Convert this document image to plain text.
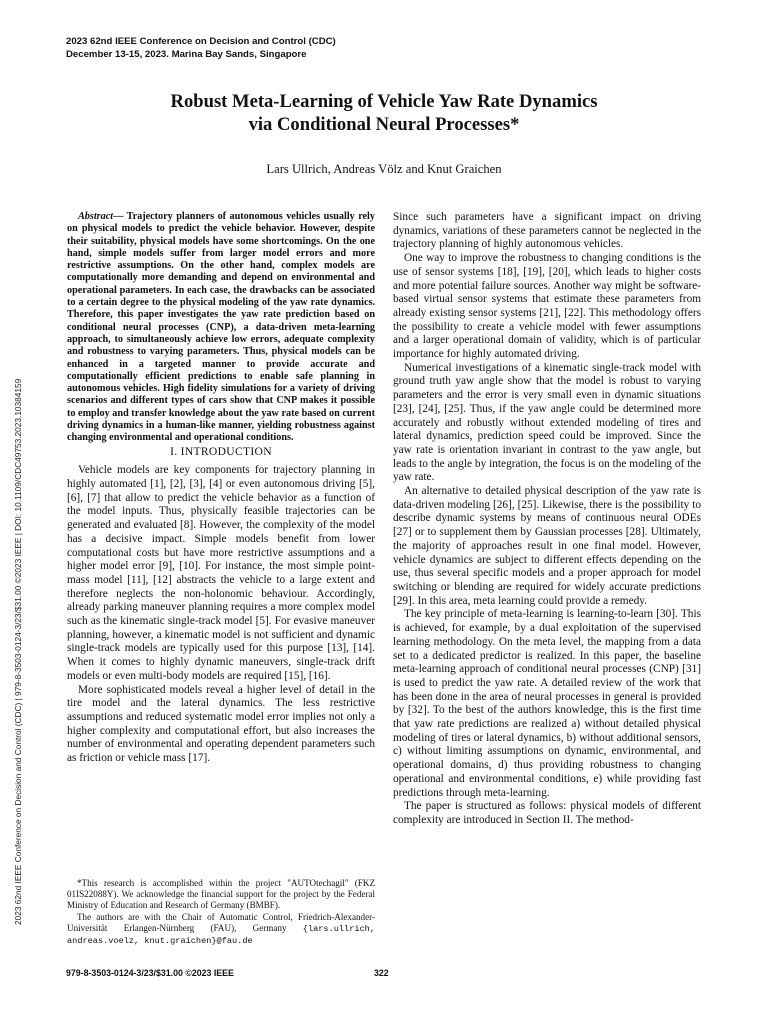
2023 62nd IEEE Conference on Decision and Control (CDC)
December 13-15, 2023. Marina Bay Sands, Singapore
Robust Meta-Learning of Vehicle Yaw Rate Dynamics
via Conditional Neural Processes*
Lars Ullrich, Andreas Völz and Knut Graichen
2023 62nd IEEE Conference on Decision and Control (CDC) | 979-8-3503-0124-3/23/$31.00 ©2023 IEEE | DOI: 10.1109/CDC49753.2023.10384159

Abstract— Trajectory planners of autonomous vehicles usually rely on physical models to predict the vehicle behavior. However, despite their suitability, physical models have some shortcomings. On the one hand, simple models suffer from larger model errors and more restrictive assumptions. On the other hand, complex models are computationally more demanding and depend on environmental and operational parameters. In each case, the drawbacks can be associated to a certain degree to the physical modeling of the yaw rate dynamics. Therefore, this paper investigates the yaw rate prediction based on conditional neural processes (CNP), a data-driven meta-learning approach, to simultaneously achieve low errors, adequate complexity and robustness to varying parameters. Thus, physical models can be enhanced in a targeted manner to provide accurate and computationally efficient predictions to enable safe planning in autonomous vehicles. High fidelity simulations for a variety of driving scenarios and different types of cars show that CNP makes it possible to employ and transfer knowledge about the yaw rate based on current driving dynamics in a human-like manner, yielding robustness against changing environmental and operational conditions.

I. INTRODUCTION

Vehicle models are key components for trajectory planning in highly automated [1], [2], [3], [4] or even autonomous driving [5], [6], [7] that allow to predict the vehicle behavior as a function of the model inputs. Thus, physically feasible trajectories can be generated and evaluated [8]. However, the complexity of the model has a decisive impact. Simple models benefit from lower computational costs but have more restrictive assumptions and a higher model error [9], [10]. For instance, the most simple point-mass model [11], [12] abstracts the vehicle to a large extent and therefore neglects the non-holonomic behaviour. Accordingly, already parking maneuver planning requires a more complex model such as the kinematic single-track model [5]. For evasive maneuver planning, however, a kinematic model is not sufficient and dynamic single-track models are typically used for this purpose [13], [14]. When it comes to highly dynamic maneuvers, single-track drift models or even multi-body models are required [15], [16].

More sophisticated models reveal a higher level of detail in the tire model and the lateral dynamics. The less restrictive assumptions and reduced systematic model error implies not only a higher complexity and computational effort, but also increases the number of environmental and operating dependent parameters such as friction or vehicle mass [17].

*This research is accomplished within the project "AUTOtechagil" (FKZ 01IS22088Y). We acknowledge the financial support for the project by the Federal Ministry of Education and Research of Germany (BMBF).

The authors are with the Chair of Automatic Control, Friedrich-Alexander-Universität Erlangen-Nürnberg (FAU), Germany {lars.ullrich, andreas.voelz, knut.graichen}@fau.de

Since such parameters have a significant impact on driving dynamics, variations of these parameters cannot be neglected in the trajectory planning of highly autonomous vehicles.

One way to improve the robustness to changing conditions is the use of sensor systems [18], [19], [20], which leads to higher costs and more potential failure sources. Another way might be software-based virtual sensor systems that estimate these parameters from already existing sensor systems [21], [22]. This methodology offers the possibility to create a vehicle model with fewer assumptions and a larger operational domain of validity, which is of particular importance for highly automated driving.

Numerical investigations of a kinematic single-track model with ground truth yaw angle show that the model is robust to varying parameters and the error is very small even in dynamic situations [23], [24], [25]. Thus, if the yaw angle could be determined more accurately and robustly without extended modeling of tires and lateral dynamics, prediction speed could be improved. Since the yaw rate is orientation invariant in contrast to the yaw angle, but leads to the angle by integration, the focus is on the modeling of the yaw rate.

An alternative to detailed physical description of the yaw rate is data-driven modeling [26], [25]. Likewise, there is the possibility to describe dynamic systems by means of continuous neural ODEs [27] or to supplement them by Gaussian processes [28]. Ultimately, the majority of approaches result in one final model. However, vehicle dynamics are subject to different effects depending on the use, thus several specific models and a proper approach for model switching or blending are required for widely accurate predictions [29]. In this area, meta learning could provide a remedy.

The key principle of meta-learning is learning-to-learn [30]. This is achieved, for example, by a dual exploitation of the supervised learning methodology. On the meta level, the mapping from a data set to a dedicated predictor is realized. In this paper, the baseline meta-learning approach of conditional neural processes (CNP) [31] is used to predict the yaw rate. A detailed review of the work that has been done in the area of neural processes in general is provided by [32]. To the best of the authors knowledge, this is the first time that yaw rate predictions are realized a) without detailed physical modeling of tires or lateral dynamics, b) without additional sensors, c) without limiting assumptions on dynamic, environmental, and operational domains, d) thus providing robustness to changing operational and environmental conditions, e) while providing fast predictions through meta-learning.

The paper is structured as follows: physical models of different complexity are introduced in Section II. The method-

979-8-3503-0124-3/23/$31.00 ©2023 IEEE	322
